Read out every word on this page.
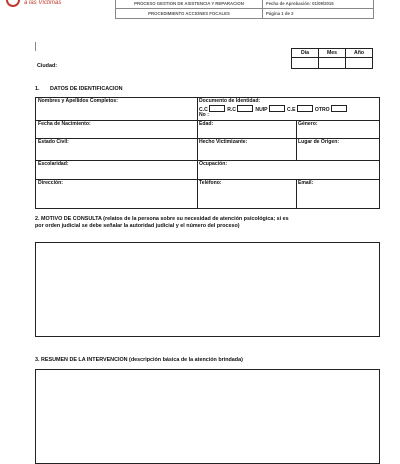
a las Víctimas	PROCESO GESTION DE ASISTENCIA Y REPARACION	Fecha de Aprobación: 01/09/2015
PROCEDIMIENTO ACCIONES FOCALES	Página 1 de 2
Día	Mes	Año

Ciudad:
1. DATOS DE IDENTIFICACION
Nombres y Apellidos Completos:	Documento de Identidad:
C.C	R.C	NUIP	C.E	OTRO
No :
Fecha de Nacimiento:	Edad:	Género:
Estado Civil:	Hecho Victimizante:	Lugar de Origen:
Escolaridad:	Ocupación:
Dirección:	Teléfono:	Email:
2. MOTIVO DE CONSULTA (relatos de la persona sobre su necesidad de atención psicológica; si es
por orden judicial se debe señalar la autoridad judicial y el número del proceso)
3. RESUMEN DE LA INTERVENCION (descripción básica de la atención brindada)
